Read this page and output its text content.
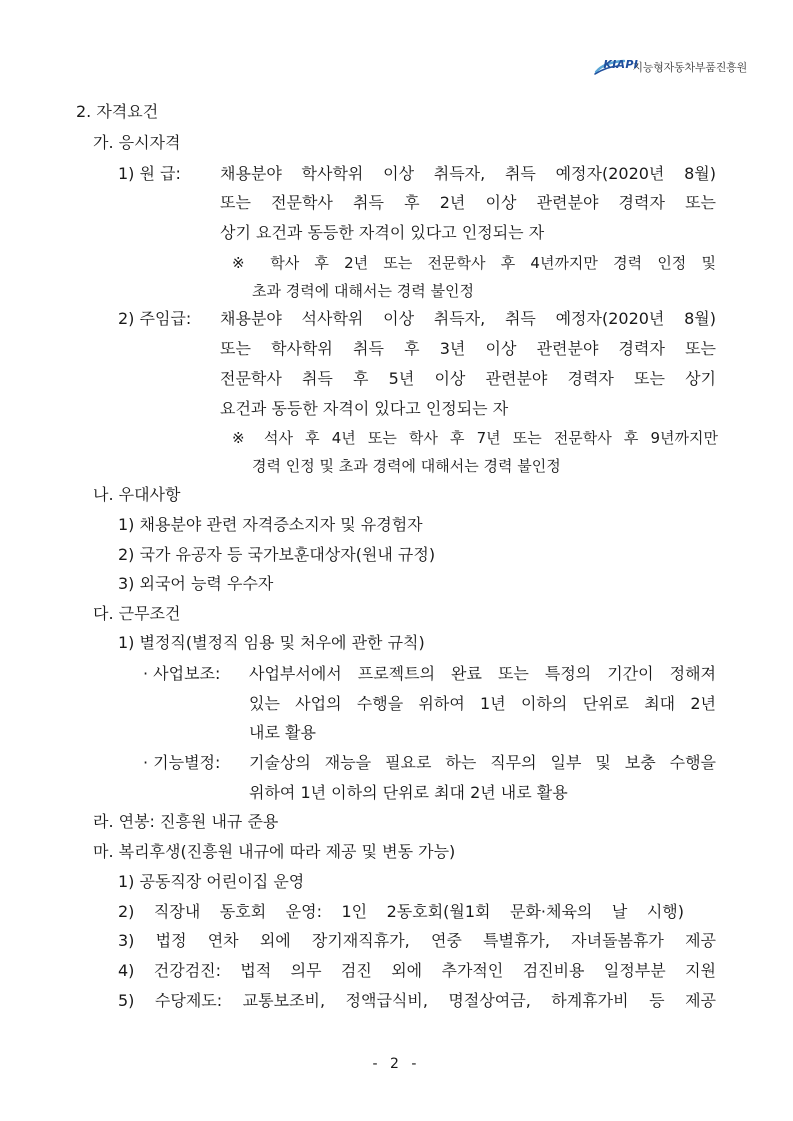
KIAPI
지능형자동차부품진흥원
2. 자격요건
가. 응시자격
1) 원 급: 채용분야 학사학위 이상 취득자, 취득 예정자(2020년 8월)
또는 전문학사 취득 후 2년 이상 관련분야 경력자 또는
상기 요건과 동등한 자격이 있다고 인정되는 자
※ 학사 후 2년 또는 전문학사 후 4년까지만 경력 인정 및
초과 경력에 대해서는 경력 불인정
2) 주임급: 채용분야 석사학위 이상 취득자, 취득 예정자(2020년 8월)
또는 학사학위 취득 후 3년 이상 관련분야 경력자 또는
전문학사 취득 후 5년 이상 관련분야 경력자 또는 상기
요건과 동등한 자격이 있다고 인정되는 자
※ 석사 후 4년 또는 학사 후 7년 또는 전문학사 후 9년까지만
경력 인정 및 초과 경력에 대해서는 경력 불인정
나. 우대사항
1) 채용분야 관련 자격증소지자 및 유경험자
2) 국가 유공자 등 국가보훈대상자(원내 규정)
3) 외국어 능력 우수자
다. 근무조건
1) 별정직(별정직 임용 및 처우에 관한 규칙)
· 사업보조: 사업부서에서 프로젝트의 완료 또는 특정의 기간이 정해져
있는 사업의 수행을 위하여 1년 이하의 단위로 최대 2년
내로 활용
· 기능별정: 기술상의 재능을 필요로 하는 직무의 일부 및 보충 수행을
위하여 1년 이하의 단위로 최대 2년 내로 활용
라. 연봉: 진흥원 내규 준용
마. 복리후생(진흥원 내규에 따라 제공 및 변동 가능)
1) 공동직장 어린이집 운영
2) 직장내 동호회 운영: 1인 2동호회(월1회 문화·체육의 날 시행)
3) 법정 연차 외에 장기재직휴가, 연중 특별휴가, 자녀돌봄휴가 제공
4) 건강검진: 법적 의무 검진 외에 추가적인 검진비용 일정부분 지원
5) 수당제도: 교통보조비, 정액급식비, 명절상여금, 하계휴가비 등 제공
- 2 -
